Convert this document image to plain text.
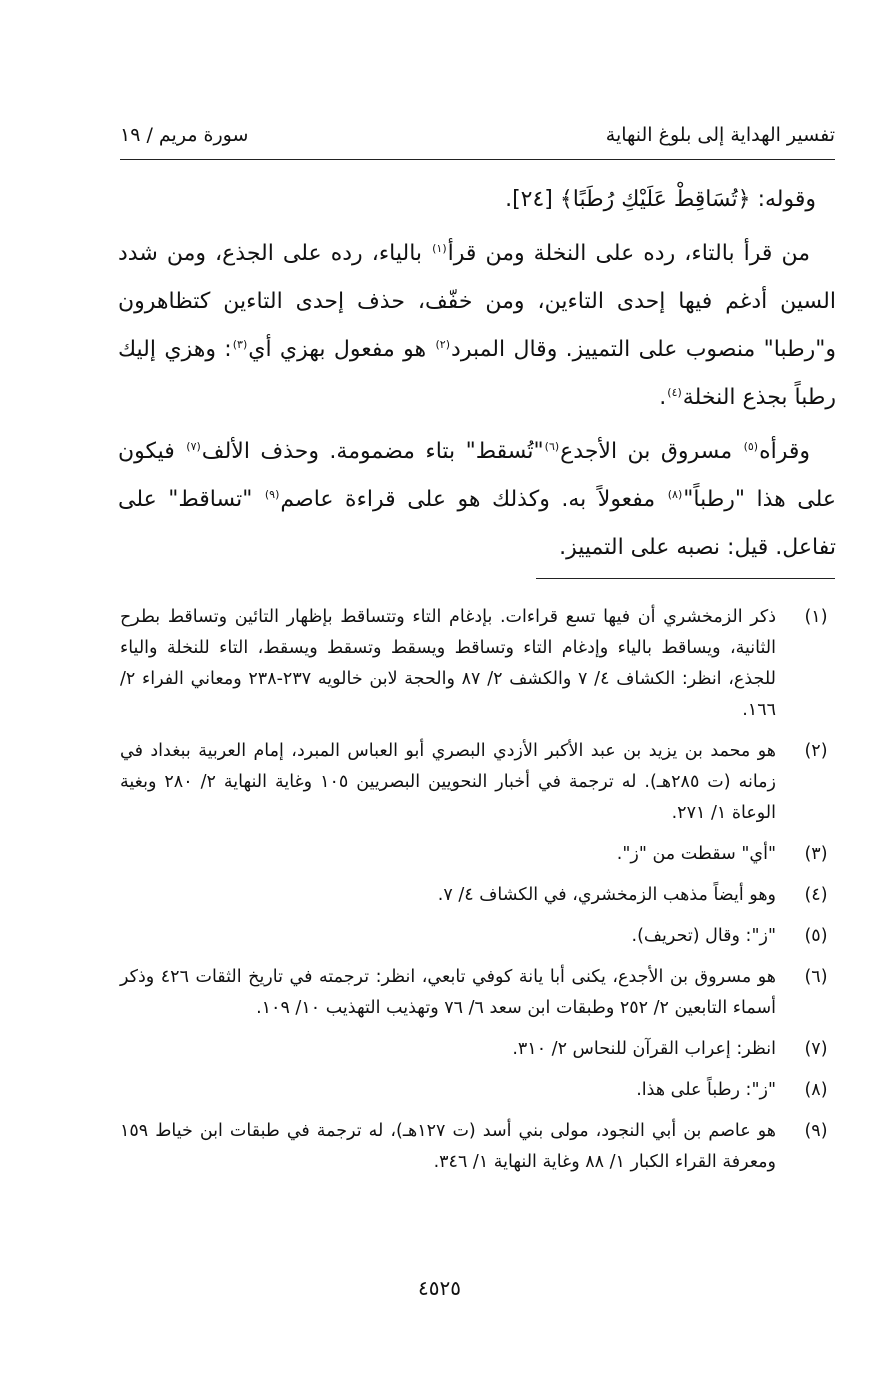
تفسير الهداية إلى بلوغ النهاية
سورة مريم / ١٩

وقوله: ﴿تُسَاقِطْ عَلَيْكِ رُطَبًا﴾ [٢٤].

من قرأ بالتاء، رده على النخلة ومن قرأ$^{(١)}$ بالياء، رده على الجذع، ومن شدد السين أدغم فيها إحدى التاءين، ومن خفّف، حذف إحدى التاءين كتظاهرون و"رطبا" منصوب على التمييز. وقال المبرد$^{(٢)}$ هو مفعول بهزي أي$^{(٣)}$: وهزي إليك رطباً بجذع النخلة$^{(٤)}$.

وقرأه$^{(٥)}$ مسروق بن الأجدع$^{(٦)}$"تُسقط" بتاء مضمومة. وحذف الألف$^{(٧)}$ فيكون على هذا "رطباً"$^{(٨)}$ مفعولاً به. وكذلك هو على قراءة عاصم$^{(٩)}$ "تساقط" على تفاعل. قيل: نصبه على التمييز.

(١)
ذكر الزمخشري أن فيها تسع قراءات. بإدغام التاء وتتساقط بإظهار التائين وتساقط بطرح الثانية، ويساقط بالياء وإدغام التاء وتساقط ويسقط وتسقط ويسقط، التاء للنخلة والياء للجذع، انظر: الكشاف ٤/ ٧ والكشف ٢/ ٨٧ والحجة لابن خالويه ٢٣٧-٢٣٨ ومعاني الفراء ٢/ ١٦٦.
(٢)
هو محمد بن يزيد بن عبد الأكبر الأزدي البصري أبو العباس المبرد، إمام العربية ببغداد في زمانه (ت ٢٨٥هـ). له ترجمة في أخبار النحويين البصريين ١٠٥ وغاية النهاية ٢/ ٢٨٠ وبغية الوعاة ١/ ٢٧١.
(٣)
"أي" سقطت من "ز".
(٤)
وهو أيضاً مذهب الزمخشري، في الكشاف ٤/ ٧.
(٥)
"ز": وقال (تحريف).
(٦)
هو مسروق بن الأجدع، يكنى أبا يانة كوفي تابعي، انظر: ترجمته في تاريخ الثقات ٤٢٦ وذكر أسماء التابعين ٢/ ٢٥٢ وطبقات ابن سعد ٦/ ٧٦ وتهذيب التهذيب ١٠/ ١٠٩.
(٧)
انظر: إعراب القرآن للنحاس ٢/ ٣١٠.
(٨)
"ز": رطباً على هذا.
(٩)
هو عاصم بن أبي النجود، مولى بني أسد (ت ١٢٧هـ)، له ترجمة في طبقات ابن خياط ١٥٩ ومعرفة القراء الكبار ١/ ٨٨ وغاية النهاية ١/ ٣٤٦.
٤٥٢٥
